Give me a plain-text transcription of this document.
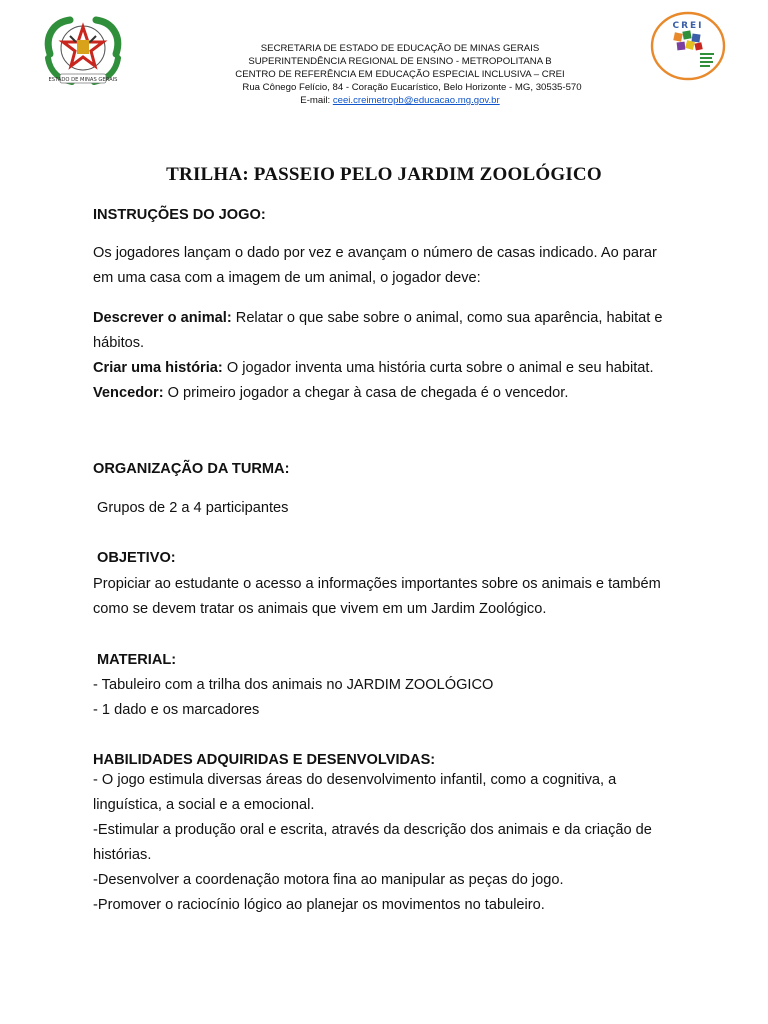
ESTADO DE MINAS GERAIS
SECRETARIA DE ESTADO DE EDUCAÇÃO DE MINAS GERAIS
SUPERINTENDÊNCIA REGIONAL DE ENSINO - METROPOLITANA B
CENTRO DE REFERÊNCIA EM EDUCAÇÃO ESPECIAL INCLUSIVA – CREI
Rua Cônego Felício, 84 - Coração Eucarístico, Belo Horizonte - MG, 30535-570
E-mail: ceei.creimetropb@educacao.mg.gov.br
CREI
TRILHA: PASSEIO PELO JARDIM ZOOLÓGICO

INSTRUÇÕES DO JOGO:

Os jogadores lançam o dado por vez e avançam o número de casas indicado. Ao parar em uma casa com a imagem de um animal, o jogador deve:

Descrever o animal: Relatar o que sabe sobre o animal, como sua aparência, habitat e hábitos.

Criar uma história: O jogador inventa uma história curta sobre o animal e seu habitat.

Vencedor: O primeiro jogador a chegar à casa de chegada é o vencedor.

ORGANIZAÇÃO DA TURMA:

Grupos de 2 a 4 participantes

OBJETIVO:

Propiciar ao estudante o acesso a informações importantes sobre os animais e também como se devem tratar os animais que vivem em um Jardim Zoológico.

MATERIAL:

- Tabuleiro com a trilha dos animais no JARDIM ZOOLÓGICO

- 1 dado e os marcadores

HABILIDADES ADQUIRIDAS E DESENVOLVIDAS:

- O jogo estimula diversas áreas do desenvolvimento infantil, como a cognitiva, a linguística, a social e a emocional.

-Estimular a produção oral e escrita, através da descrição dos animais e da criação de histórias.

-Desenvolver a coordenação motora fina ao manipular as peças do jogo.

-Promover o raciocínio lógico ao planejar os movimentos no tabuleiro.
